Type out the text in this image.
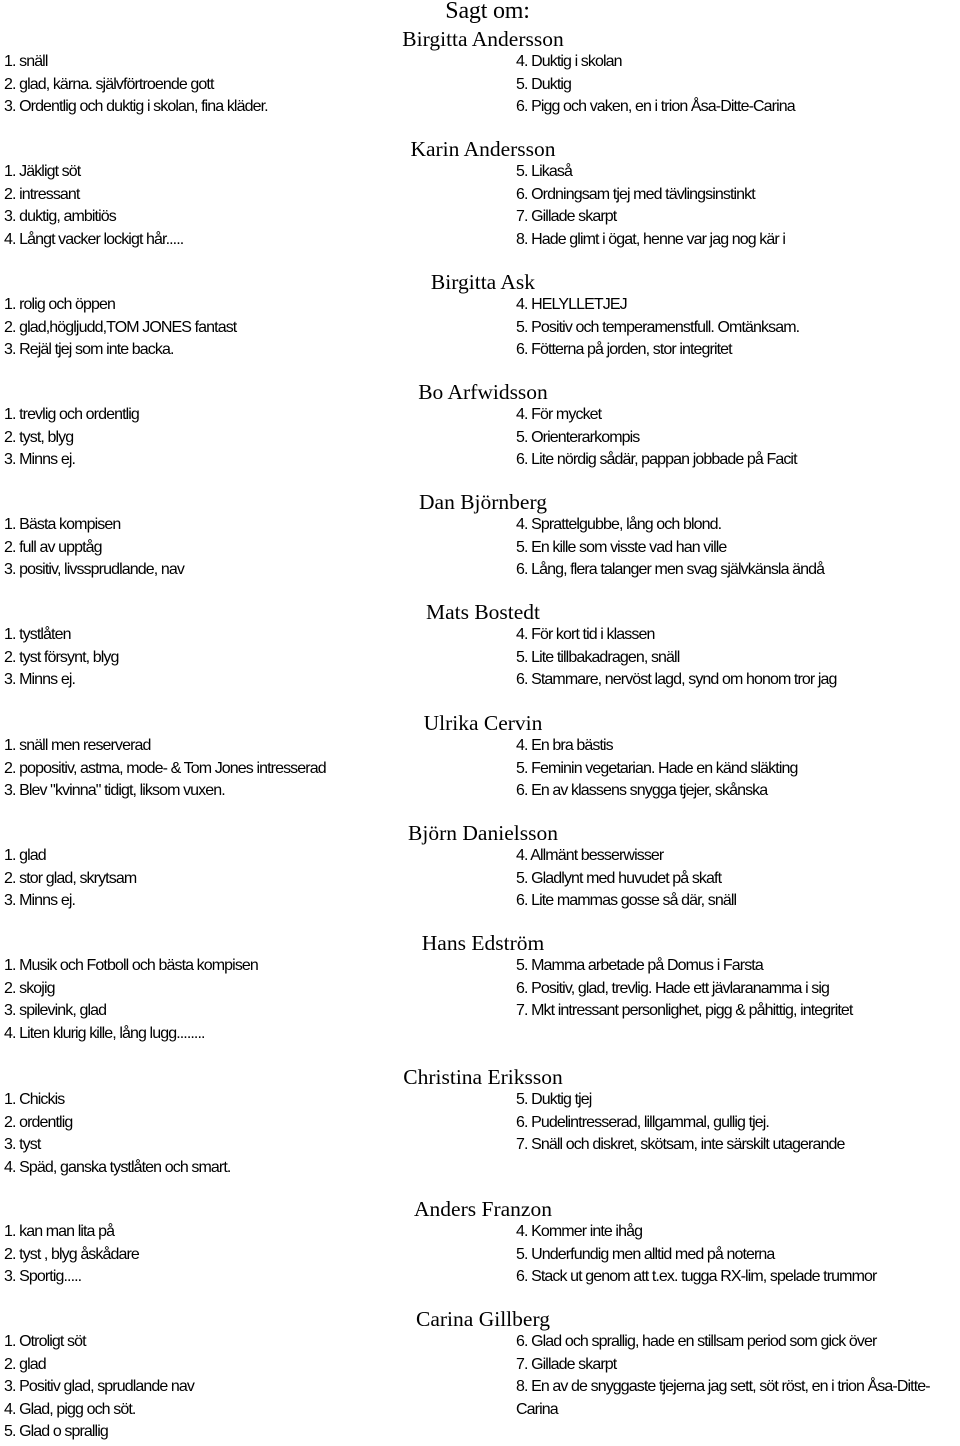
Sagt om:
Birgitta Andersson
1. snäll
2. glad, kärna. självförtroende gott
3. Ordentlig och duktig i skolan, fina kläder.
4. Duktig i skolan
5. Duktig
6. Pigg och vaken, en i trion Åsa-Ditte-Carina
Karin Andersson
1. Jäkligt söt
2. intressant
3. duktig, ambitiös
4. Långt vacker lockigt hår.....
5. Likaså
6. Ordningsam tjej med tävlingsinstinkt
7. Gillade skarpt
8. Hade glimt i ögat, henne var jag nog kär i
Birgitta Ask
1. rolig och öppen
2. glad,högljudd,TOM JONES fantast
3. Rejäl tjej som inte backa.
4. HELYLLETJEJ
5. Positiv och temperamenstfull. Omtänksam.
6. Fötterna på jorden, stor integritet
Bo Arfwidsson
1. trevlig och ordentlig
2. tyst, blyg
3. Minns ej.
4. För mycket
5. Orienterarkompis
6. Lite nördig sådär, pappan jobbade på Facit
Dan Björnberg
1. Bästa kompisen
2. full av upptåg
3. positiv, livssprudlande, nav
4. Sprattelgubbe, lång och blond.
5. En kille som visste vad han ville
6. Lång, flera talanger men svag självkänsla ändå
Mats Bostedt
1. tystlåten
2. tyst försynt, blyg
3. Minns ej.
4. För kort tid i klassen
5. Lite tillbakadragen, snäll
6. Stammare, nervöst lagd, synd om honom tror jag
Ulrika Cervin
1. snäll men reserverad
2. popositiv, astma, mode- & Tom Jones intresserad
3. Blev "kvinna" tidigt, liksom vuxen.
4. En bra bästis
5. Feminin vegetarian. Hade en känd släkting
6. En av klassens snygga tjejer, skånska
Björn Danielsson
1. glad
2. stor glad, skrytsam
3. Minns ej.
4. Allmänt besserwisser
5. Gladlynt med huvudet på skaft
6. Lite mammas gosse så där, snäll
Hans Edström
1. Musik och Fotboll och bästa kompisen
2. skojig
3. spilevink, glad
4. Liten klurig kille, lång lugg........
5. Mamma arbetade på Domus i Farsta
6. Positiv, glad, trevlig. Hade ett jävlaranamma i sig
7. Mkt intressant personlighet, pigg & påhittig, integritet
Christina Eriksson
1. Chickis
2. ordentlig
3. tyst
4. Späd, ganska tystlåten och smart.
5. Duktig tjej
6. Pudelintresserad, lillgammal, gullig tjej.
7. Snäll och diskret, skötsam, inte särskilt utagerande
Anders Franzon
1. kan man lita på
2. tyst , blyg åskådare
3. Sportig.....
4. Kommer inte ihåg
5. Underfundig men alltid med på noterna
6. Stack ut genom att t.ex. tugga RX-lim, spelade trummor
Carina Gillberg
1. Otroligt söt
2. glad
3. Positiv glad, sprudlande nav
4. Glad, pigg och söt.
5. Glad o sprallig
6. Glad och sprallig, hade en stillsam period som gick över
7. Gillade skarpt
8. En av de snyggaste tjejerna jag sett, söt röst, en i trion Åsa-Ditte-Carina
